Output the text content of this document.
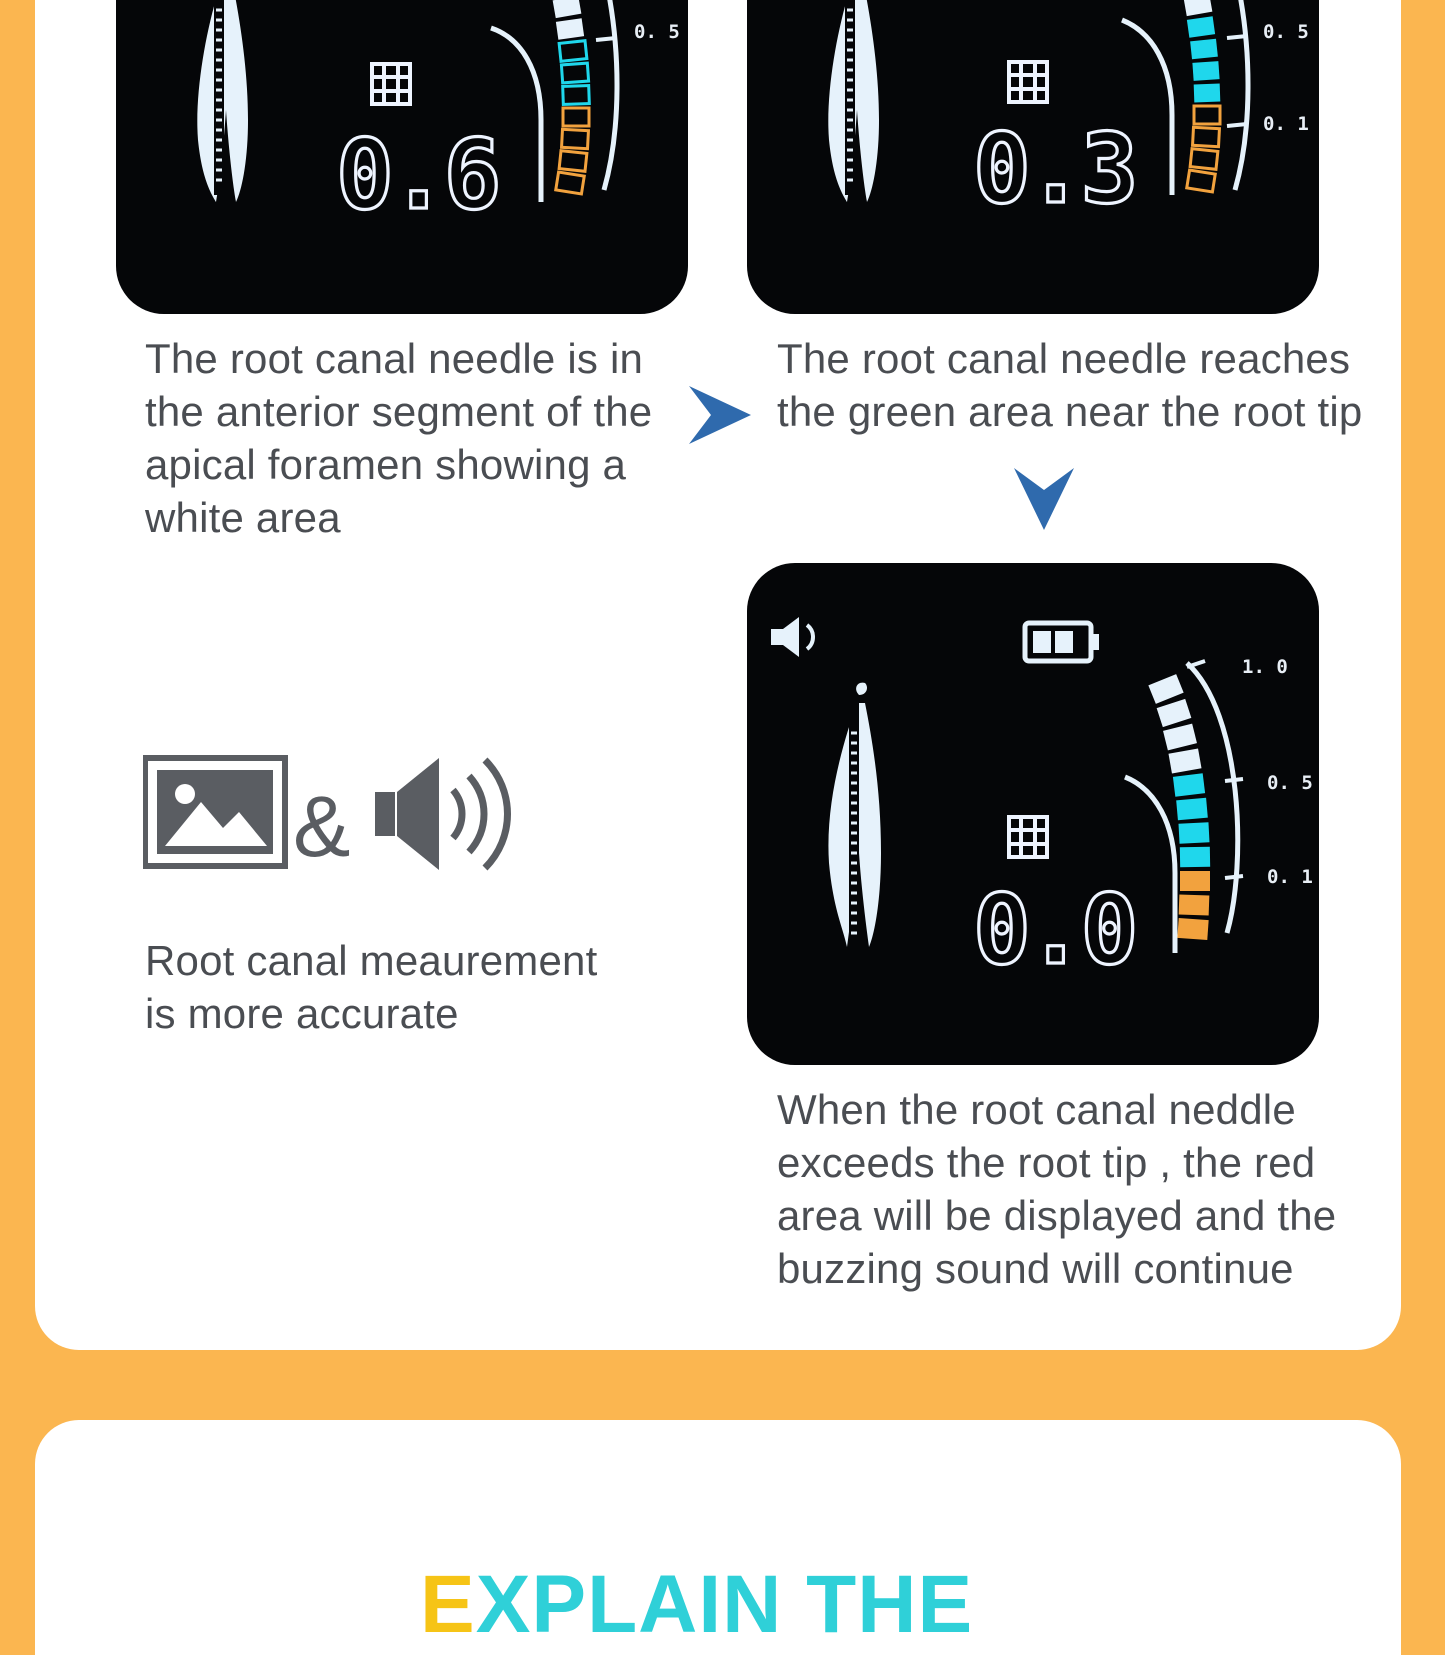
0.6
0. 5
0.3
0. 5
0. 1
0.0
1. 0
0. 5
0. 1
The root canal needle is in
the anterior segment of the
apical foramen showing a
white area
The root canal needle reaches
the green area near the root tip
Root canal meaurement
is more accurate
When the root canal neddle
exceeds the root tip , the red
area will be displayed and the
buzzing sound will continue
&
EXPLAIN THE
